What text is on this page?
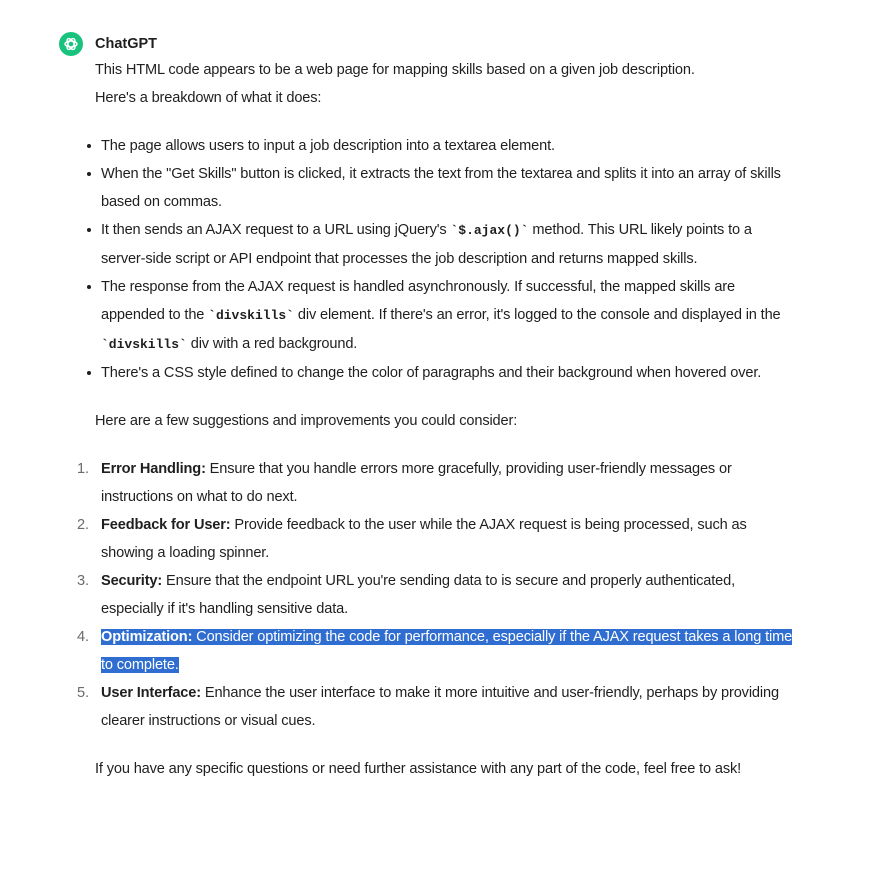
ChatGPT

This HTML code appears to be a web page for mapping skills based on a given job description.
Here's a breakdown of what it does:

The page allows users to input a job description into a textarea element.
When the "Get Skills" button is clicked, it extracts the text from the textarea and splits it into an array of skills based on commas.
It then sends an AJAX request to a URL using jQuery's `$.ajax()` method. This URL likely points to a server-side script or API endpoint that processes the job description and returns mapped skills.
The response from the AJAX request is handled asynchronously. If successful, the mapped skills are appended to the `divskills` div element. If there's an error, it's logged to the console and displayed in the `divskills` div with a red background.
There's a CSS style defined to change the color of paragraphs and their background when hovered over.

Here are a few suggestions and improvements you could consider:

1. Error Handling: Ensure that you handle errors more gracefully, providing user-friendly messages or instructions on what to do next.
2. Feedback for User: Provide feedback to the user while the AJAX request is being processed, such as showing a loading spinner.
3. Security: Ensure that the endpoint URL you're sending data to is secure and properly authenticated, especially if it's handling sensitive data.
4. Optimization: Consider optimizing the code for performance, especially if the AJAX request takes a long time to complete.
5. User Interface: Enhance the user interface to make it more intuitive and user-friendly, perhaps by providing clearer instructions or visual cues.

If you have any specific questions or need further assistance with any part of the code, feel free to ask!
